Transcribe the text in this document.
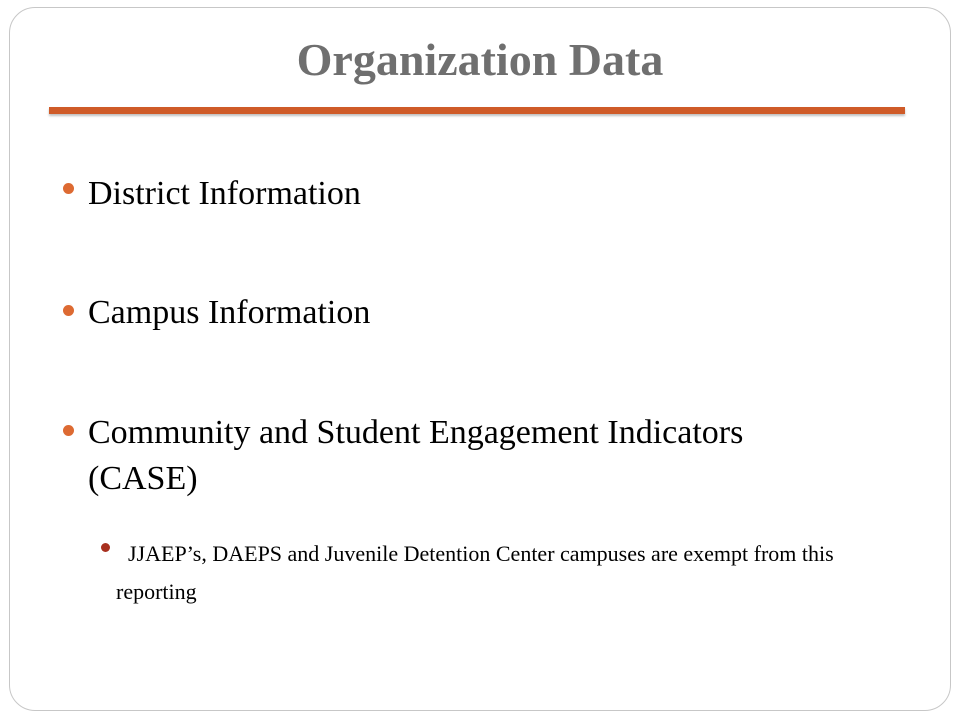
Organization Data

District Information

Campus Information

Community and Student Engagement Indicators (CASE)

JJAEP’s, DAEPS and Juvenile Detention Center campuses are exempt from this reporting
